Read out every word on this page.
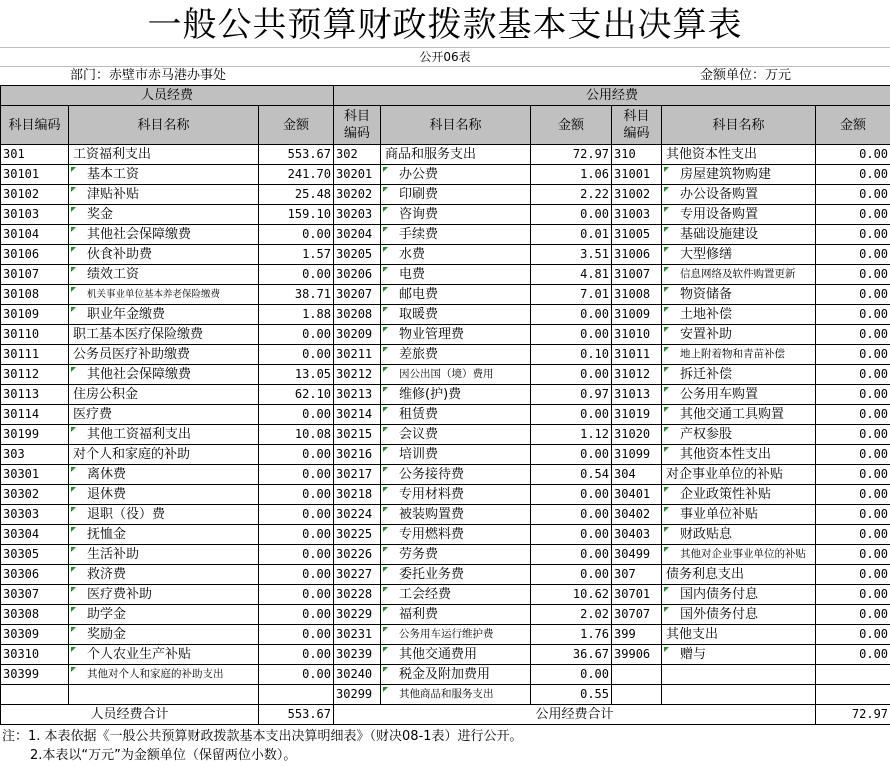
一般公共预算财政拨款基本支出决算表
公开06表
部门：赤壁市赤马港办事处	金额单位：万元
人员经费			公用经费					
科目编码	科目名称	金额	科目
编码	科目名称	金额	科目
编码	科目名称	金额
301	工资福利支出	553.67	302	商品和服务支出	72.97	310	其他资本性支出	0.00
30101	基本工资	241.70	30201	办公费	1.06	31001	房屋建筑物购建	0.00
30102	津贴补贴	25.48	30202	印刷费	2.22	31002	办公设备购置	0.00
30103	奖金	159.10	30203	咨询费	0.00	31003	专用设备购置	0.00
30104	其他社会保障缴费	0.00	30204	手续费	0.01	31005	基础设施建设	0.00
30106	伙食补助费	1.57	30205	水费	3.51	31006	大型修缮	0.00
30107	绩效工资	0.00	30206	电费	4.81	31007	信息网络及软件购置更新	0.00
30108	机关事业单位基本养老保险缴费	38.71	30207	邮电费	7.01	31008	物资储备	0.00
30109	职业年金缴费	1.88	30208	取暖费	0.00	31009	土地补偿	0.00
30110	职工基本医疗保险缴费	0.00	30209	物业管理费	0.00	31010	安置补助	0.00
30111	公务员医疗补助缴费	0.00	30211	差旅费	0.10	31011	地上附着物和青苗补偿	0.00
30112	其他社会保障缴费	13.05	30212	因公出国（境）费用	0.00	31012	拆迁补偿	0.00
30113	住房公积金	62.10	30213	维修(护)费	0.97	31013	公务用车购置	0.00
30114	医疗费	0.00	30214	租赁费	0.00	31019	其他交通工具购置	0.00
30199	其他工资福利支出	10.08	30215	会议费	1.12	31020	产权参股	0.00
303	对个人和家庭的补助	0.00	30216	培训费	0.00	31099	其他资本性支出	0.00
30301	离休费	0.00	30217	公务接待费	0.54	304	对企事业单位的补贴	0.00
30302	退休费	0.00	30218	专用材料费	0.00	30401	企业政策性补贴	0.00
30303	退职（役）费	0.00	30224	被装购置费	0.00	30402	事业单位补贴	0.00
30304	抚恤金	0.00	30225	专用燃料费	0.00	30403	财政贴息	0.00
30305	生活补助	0.00	30226	劳务费	0.00	30499	其他对企业事业单位的补贴	0.00
30306	救济费	0.00	30227	委托业务费	0.00	307	债务利息支出	0.00
30307	医疗费补助	0.00	30228	工会经费	10.62	30701	国内债务付息	0.00
30308	助学金	0.00	30229	福利费	2.02	30707	国外债务付息	0.00
30309	奖励金	0.00	30231	公务用车运行维护费	1.76	399	其他支出	0.00
30310	个人农业生产补贴	0.00	30239	其他交通费用	36.67	39906	赠与	0.00
30399	其他对个人和家庭的补助支出	0.00	30240	税金及附加费用	0.00			
			30299	其他商品和服务支出	0.55			
人员经费合计		553.67	公用经费合计					72.97
注：1. 本表依据《一般公共预算财政拨款基本支出决算明细表》（财决08-1表）进行公开。
2.本表以“万元”为金额单位（保留两位小数）。
